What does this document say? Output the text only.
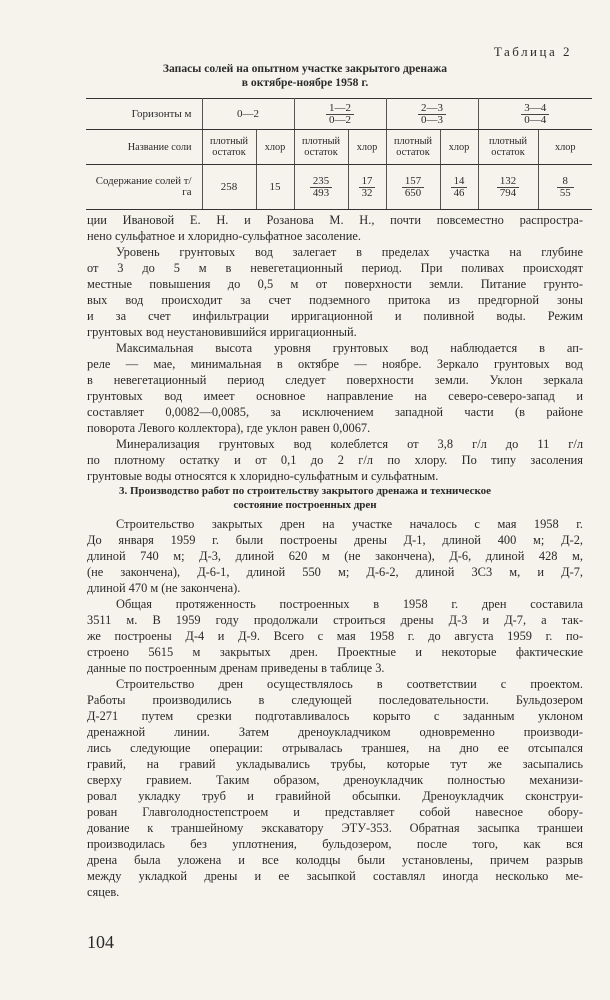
Таблица 2
Запасы солей на опытном участке закрытого дренажа
в октябре-ноябре 1958 г.
Горизонты м	0—2		$\frac{1—2}{0—2}$		$\frac{2—3}{0—3}$		$\frac{3—4}{0—4}$

Название соли	плотный остаток	хлор	плотный остаток	хлор	плотный остаток	хлор	плотный остаток	хлор
Содержание солей т/га	258	15	$\frac{235}{493}$	$\frac{17}{32}$	$\frac{157}{650}$	$\frac{14}{46}$	$\frac{132}{794}$	$\frac{8}{55}$
ции Ивановой Е. Н. и Розанова М. Н., почти повсеместно распростра-
нено сульфатное и хлоридно-сульфатное засоление.
Уровень грунтовых вод залегает в пределах участка на глубине
от 3 до 5 м в невегетационный период. При поливах происходят
местные повышения до 0,5 м от поверхности земли. Питание грунто-
вых вод происходит за счет подземного притока из предгорной зоны
и за счет инфильтрации ирригационной и поливной воды. Режим
грунтовых вод неустановившийся ирригационный.
Максимальная высота уровня грунтовых вод наблюдается в ап-
реле — мае, минимальная в октябре — ноябре. Зеркало грунтовых вод
в невегетационный период следует поверхности земли. Уклон зеркала
грунтовых вод имеет основное направление на северо-северо-запад и
составляет 0,0082—0,0085, за исключением западной части (в районе
поворота Левого коллектора), где уклон равен 0,0067.
Минерализация грунтовых вод колеблется от 3,8 г/л до 11 г/л
по плотному остатку и от 0,1 до 2 г/л по хлору. По типу засоления
грунтовые воды относятся к хлоридно-сульфатным и сульфатным.
3. Производство работ по строительству закрытого дренажа и техническое
состояние построенных дрен
Строительство закрытых дрен на участке началось с мая 1958 г.
До января 1959 г. были построены дрены Д-1, длиной 400 м; Д-2,
длиной 740 м; Д-3, длиной 620 м (не закончена), Д-6, длиной 428 м,
(не закончена), Д-6-1, длиной 550 м; Д-6-2, длиной 3С3 м, и Д-7,
длиной 470 м (не закончена).
Общая протяженность построенных в 1958 г. дрен составила
3511 м. В 1959 году продолжали строиться дрены Д-3 и Д-7, а так-
же построены Д-4 и Д-9. Всего с мая 1958 г. до августа 1959 г. по-
строено 5615 м закрытых дрен. Проектные и некоторые фактические
данные по построенным дренам приведены в таблице 3.
Строительство дрен осуществлялось в соответствии с проектом.
Работы производились в следующей последовательности. Бульдозером
Д-271 путем срезки подготавливалось корыто с заданным уклоном
дренажной линии. Затем дреноукладчиком одновременно производи-
лись следующие операции: отрывалась траншея, на дно ее отсыпался
гравий, на гравий укладывались трубы, которые тут же засыпались
сверху гравием. Таким образом, дреноукладчик полностью механизи-
ровал укладку труб и гравийной обсыпки. Дреноукладчик сконструи-
рован Главголодностепстроем и представляет собой навесное обору-
дование к траншейному экскаватору ЭТУ-353. Обратная засыпка траншеи
производилась без уплотнения, бульдозером, после того, как вся
дрена была уложена и все колодцы были установлены, причем разрыв
между укладкой дрены и ее засыпкой составлял иногда несколько ме-
сяцев.
104
